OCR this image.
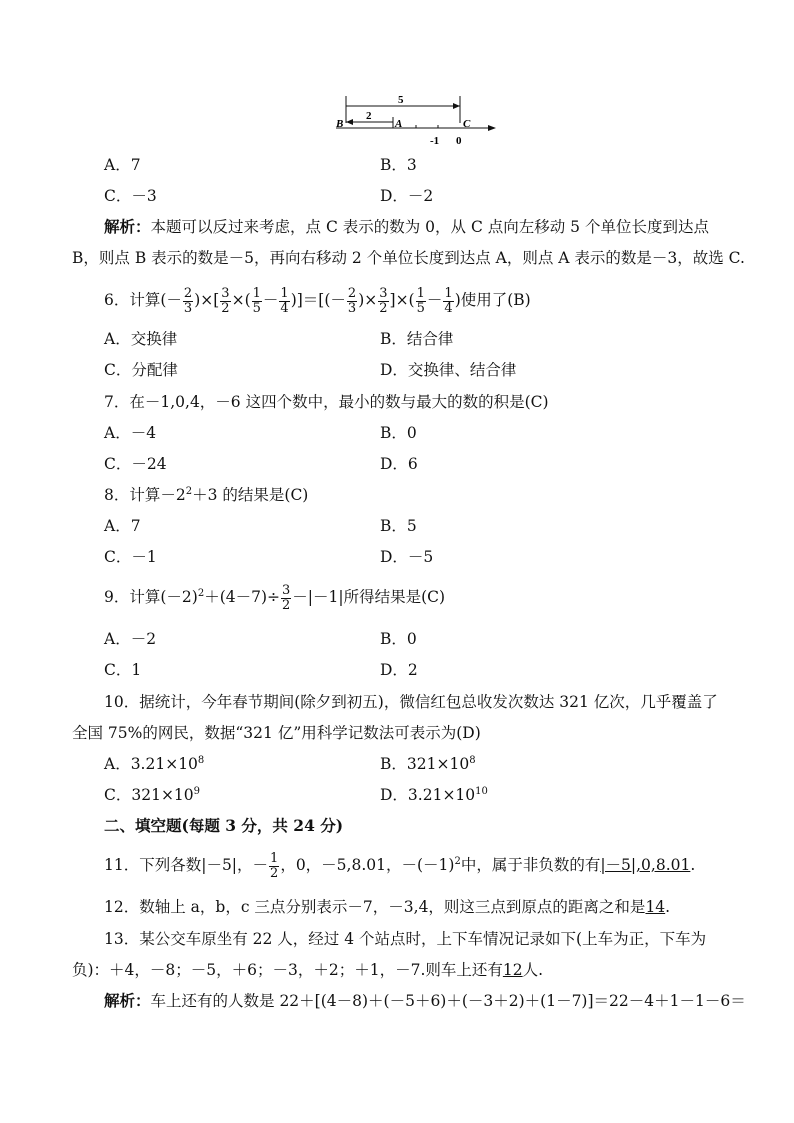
5
2
B	A	C
-1 0
A．7	B．3
C．－3	D．－2
解析：本题可以反过来考虑，点 C 表示的数为 0，从 C 点向左移动 5 个单位长度到达点
B，则点 B 表示的数是－5，再向右移动 2 个单位长度到达点 A，则点 A 表示的数是－3，故选 C.
6．计算(－ $\frac{2}{3}$ )×[ $\frac{3}{2}$ ×( $\frac{1}{5} - \frac{1}{4}$ )]＝[(－ $\frac{2}{3}$ )× $\frac{3}{2}$ ]×( $\frac{1}{5} - \frac{1}{4}$ )使用了(B)
A．交换律	B．结合律
C．分配律	D．交换律、结合律
7．在－1,0,4，－6 这四个数中，最小的数与最大的数的积是(C)
A．－4	B．0
C．－24	D．6
8．计算$-2^2+3$ 的结果是(C)
A．7	B．5
C．－1	D．－5
9．计算$(-2)^2+(4-7)\div \frac{3}{2} -|-1|$所得结果是(C)
A．－2	B．0
C．1	D．2
10．据统计，今年春节期间(除夕到初五)，微信红包总收发次数达 321 亿次，几乎覆盖了
全国 75%的网民，数据“321 亿”用科学记数法可表示为(D)
A．$3.21\times 10^8$	B．$321\times 10^8$
C．$321\times 10^9$	D．$3.21\times 10^{10}$
二、填空题(每题 3 分，共 24 分)
11．下列各数|－5|，－ $\frac{1}{2}$ ，0，－5,8.01，$-(-1)^2$中，属于非负数的有|－5|,0,8.01.
12．数轴上 a，b，c 三点分别表示－7，－3,4，则这三点到原点的距离之和是14.
13．某公交车原坐有 22 人，经过 4 个站点时，上下车情况记录如下(上车为正，下车为
负)：＋4，－8；－5，＋6；－3，＋2；＋1，－7.则车上还有12人.
解析：车上还有的人数是 22＋[(4－8)＋(－5＋6)＋(－3＋2)＋(1－7)]＝22－4＋1－1－6＝
